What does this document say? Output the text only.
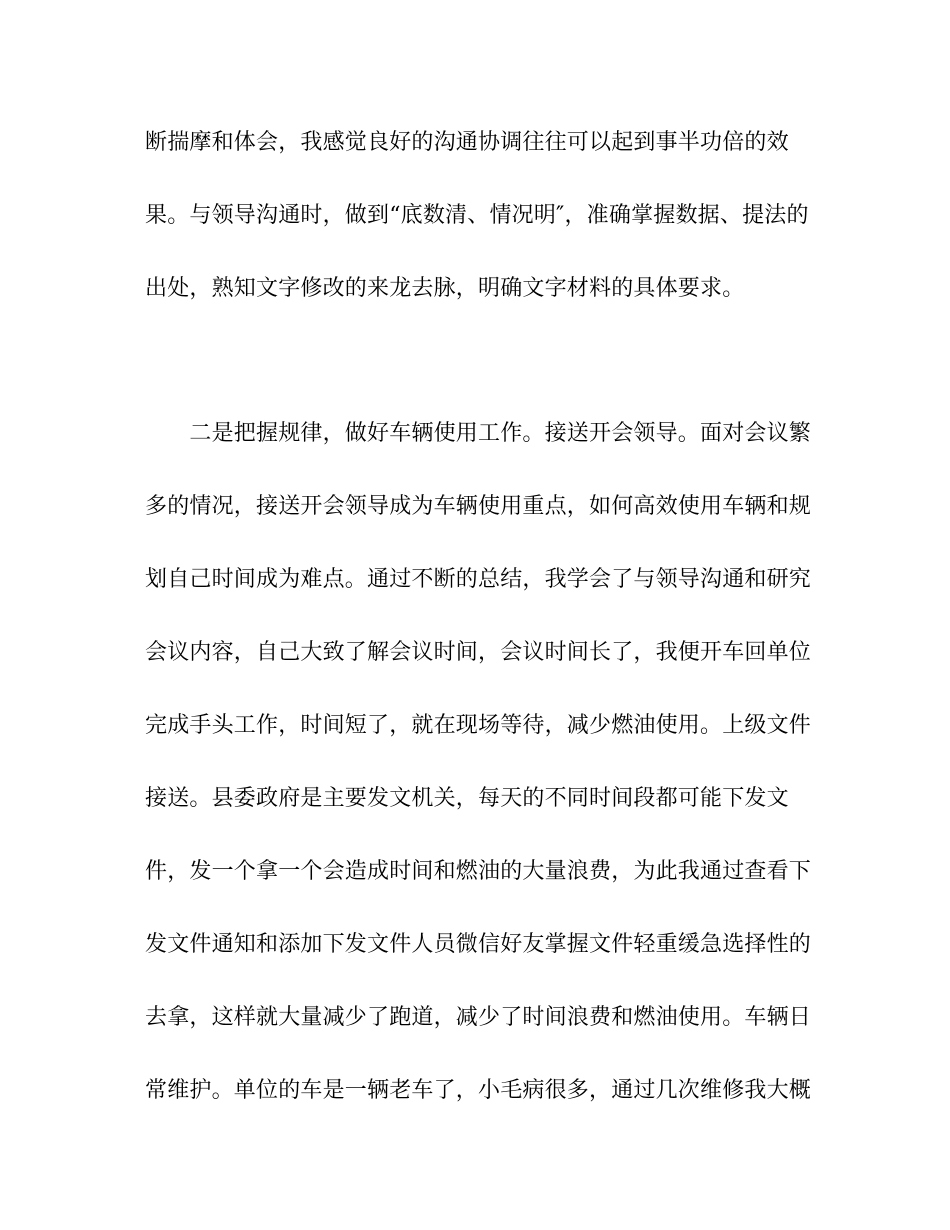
断揣摩和体会，我感觉良好的沟通协调往往可以起到事半功倍的效
果。与领导沟通时，做到“底数清、情况明″，准确掌握数据、提法的
出处，熟知文字修改的来龙去脉，明确文字材料的具体要求。
　　二是把握规律，做好车辆使用工作。接送开会领导。面对会议繁
多的情况，接送开会领导成为车辆使用重点，如何高效使用车辆和规
划自己时间成为难点。通过不断的总结，我学会了与领导沟通和研究
会议内容，自己大致了解会议时间，会议时间长了，我便开车回单位
完成手头工作，时间短了，就在现场等待，减少燃油使用。上级文件
接送。县委政府是主要发文机关，每天的不同时间段都可能下发文
件，发一个拿一个会造成时间和燃油的大量浪费，为此我通过查看下
发文件通知和添加下发文件人员微信好友掌握文件轻重缓急选择性的
去拿，这样就大量减少了跑道，减少了时间浪费和燃油使用。车辆日
常维护。单位的车是一辆老车了，小毛病很多，通过几次维修我大概
